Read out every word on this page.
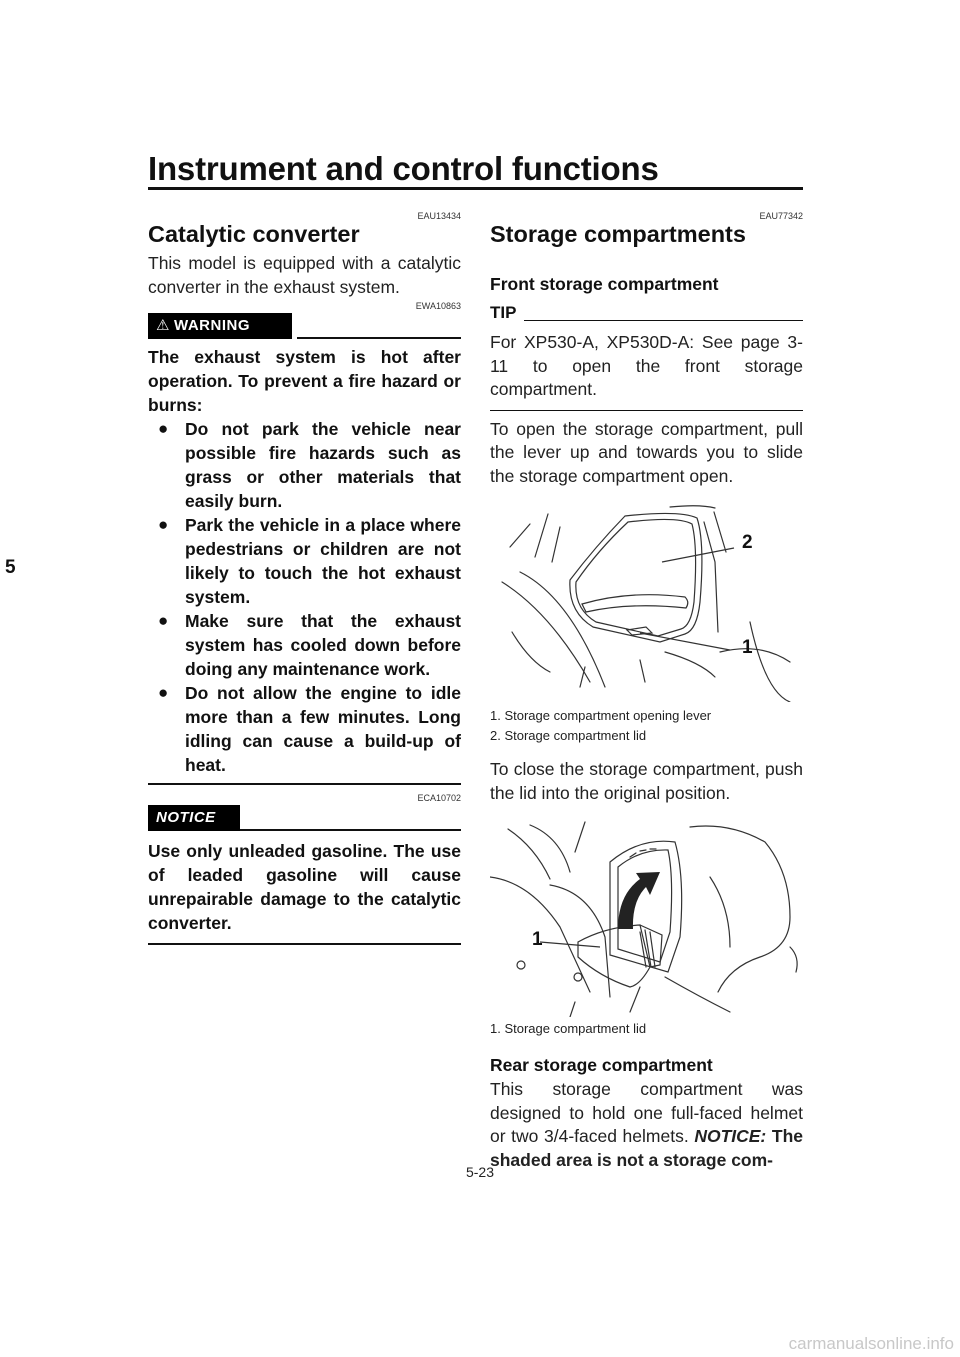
Instrument and control functions
5
EAU13434
Catalytic converter
This model is equipped with a catalytic converter in the exhaust system.
EWA10863
⚠ WARNING
The exhaust system is hot after operation. To prevent a fire hazard or burns:
● Do not park the vehicle near possible fire hazards such as grass or other materials that easily burn.
● Park the vehicle in a place where pedestrians or children are not likely to touch the hot exhaust system.
● Make sure that the exhaust system has cooled down before doing any maintenance work.
● Do not allow the engine to idle more than a few minutes. Long idling can cause a build-up of heat.
ECA10702
NOTICE
Use only unleaded gasoline. The use of leaded gasoline will cause unrepairable damage to the catalytic converter.
EAU77342
Storage compartments
Front storage compartment
TIP
For XP530-A, XP530D-A: See page 3-11 to open the front storage compartment.
To open the storage compartment, pull the lever up and towards you to slide the storage compartment open.
2
1
1. Storage compartment opening lever
2. Storage compartment lid
To close the storage compartment, push the lid into the original position.
1
1. Storage compartment lid
Rear storage compartment
This storage compartment was designed to hold one full-faced helmet or two 3/4-faced helmets. NOTICE: The shaded area is not a storage com-
5-23
carmanualsonline.info
